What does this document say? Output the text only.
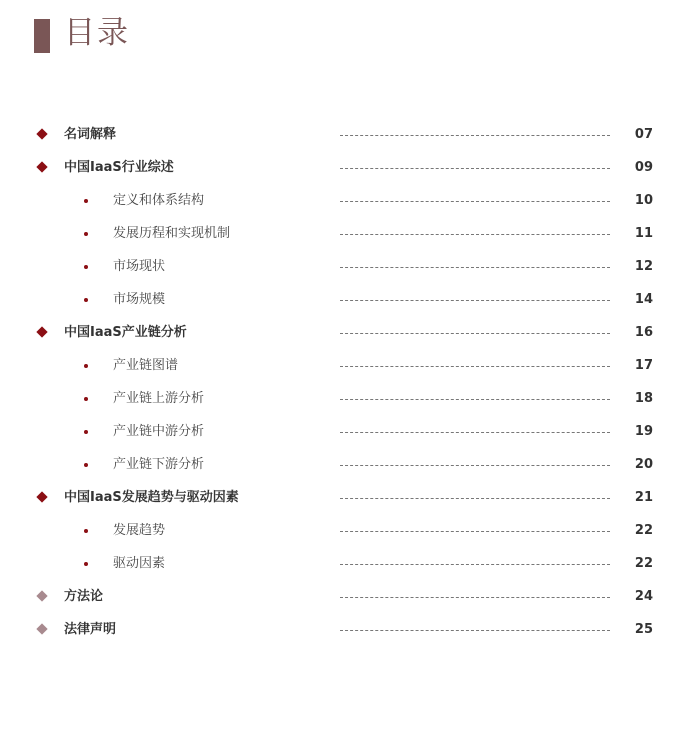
目录
名词解释	07
中国IaaS行业综述	09
定义和体系结构	10
发展历程和实现机制	11
市场现状	12
市场规模	14
中国IaaS产业链分析	16
产业链图谱	17
产业链上游分析	18
产业链中游分析	19
产业链下游分析	20
中国IaaS发展趋势与驱动因素	21
发展趋势	22
驱动因素	22
方法论	24
法律声明	25
